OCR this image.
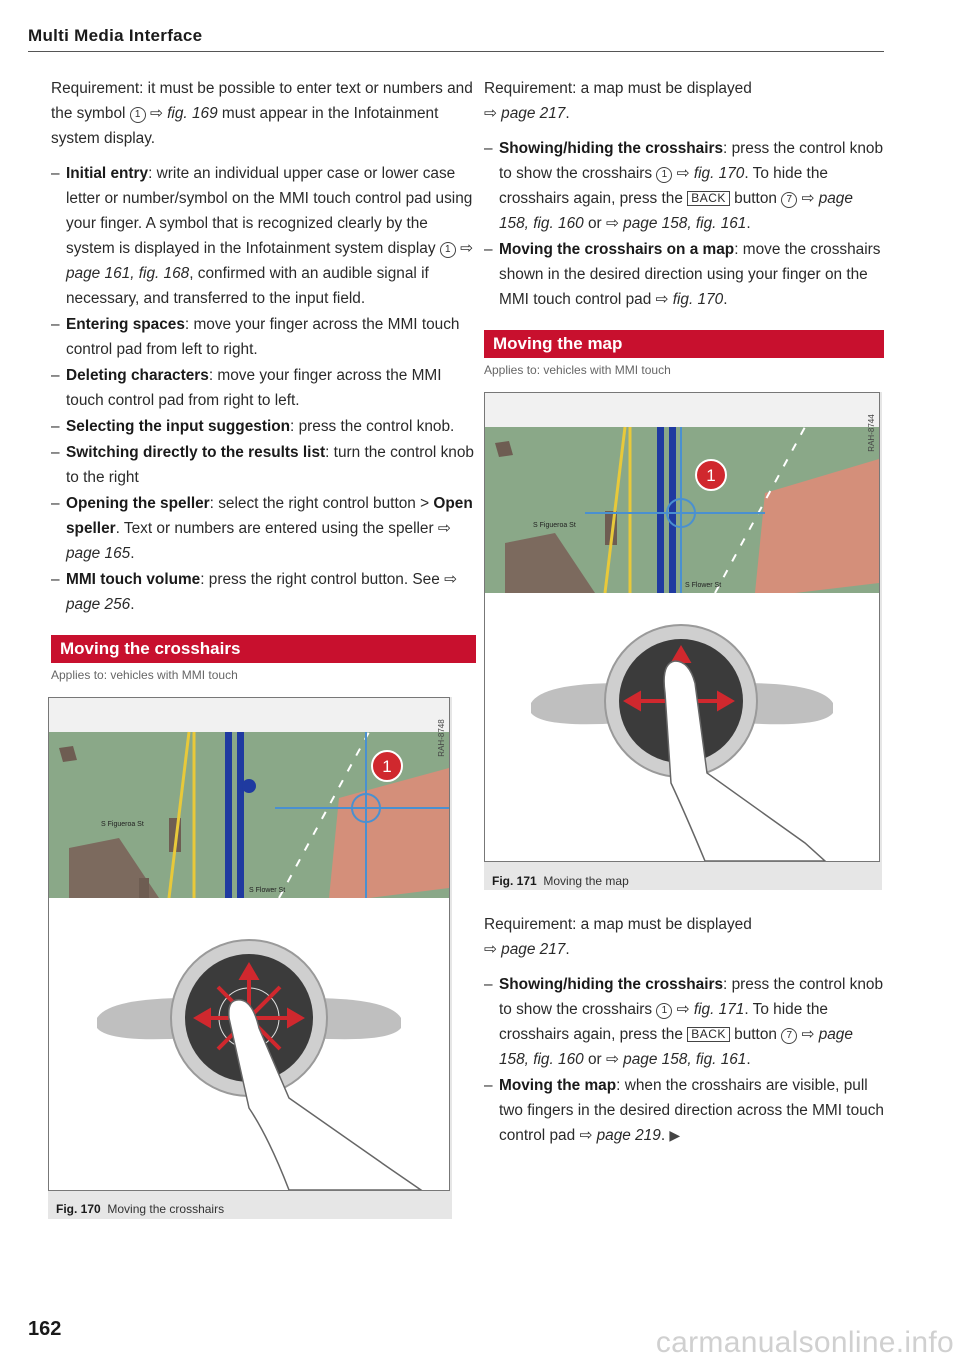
Multi Media Interface

Requirement: it must be possible to enter text or numbers and the symbol 1 ⇨ fig. 169 must appear in the Infotainment system display.

– Initial entry: write an individual upper case or lower case letter or number/symbol on the MMI touch control pad using your finger. A symbol that is recognized clearly by the system is displayed in the Infotainment system display 1 ⇨ page 161, fig. 168, confirmed with an audible signal if necessary, and transferred to the input field.
– Entering spaces: move your finger across the MMI touch control pad from left to right.
– Deleting characters: move your finger across the MMI touch control pad from right to left.
– Selecting the input suggestion: press the control knob.
– Switching directly to the results list: turn the control knob to the right
– Opening the speller: select the right control button > Open speller. Text or numbers are entered using the speller ⇨ page 165.
– MMI touch volume: press the right control button. See ⇨ page 256.
Moving the crosshairs
Applies to: vehicles with MMI touch
1
S Figueroa St
S Flower St
RAH-8748
Fig. 170 Moving the crosshairs

Requirement: a map must be displayed
⇨ page 217.

– Showing/hiding the crosshairs: press the control knob to show the crosshairs 1 ⇨ fig. 170. To hide the crosshairs again, press the BACK button 7 ⇨ page 158, fig. 160 or ⇨ page 158, fig. 161.
– Moving the crosshairs on a map: move the crosshairs shown in the desired direction using your finger on the MMI touch control pad ⇨ fig. 170.
Moving the map
Applies to: vehicles with MMI touch
1
S Figueroa St
S Flower St
RAH-8744
Fig. 171 Moving the map

Requirement: a map must be displayed
⇨ page 217.

– Showing/hiding the crosshairs: press the control knob to show the crosshairs 1 ⇨ fig. 171. To hide the crosshairs again, press the BACK button 7 ⇨ page 158, fig. 160 or ⇨ page 158, fig. 161.
– Moving the map: when the crosshairs are visible, pull two fingers in the desired direction across the MMI touch control pad ⇨ page 219. ▶
162	carmanualsonline.info
